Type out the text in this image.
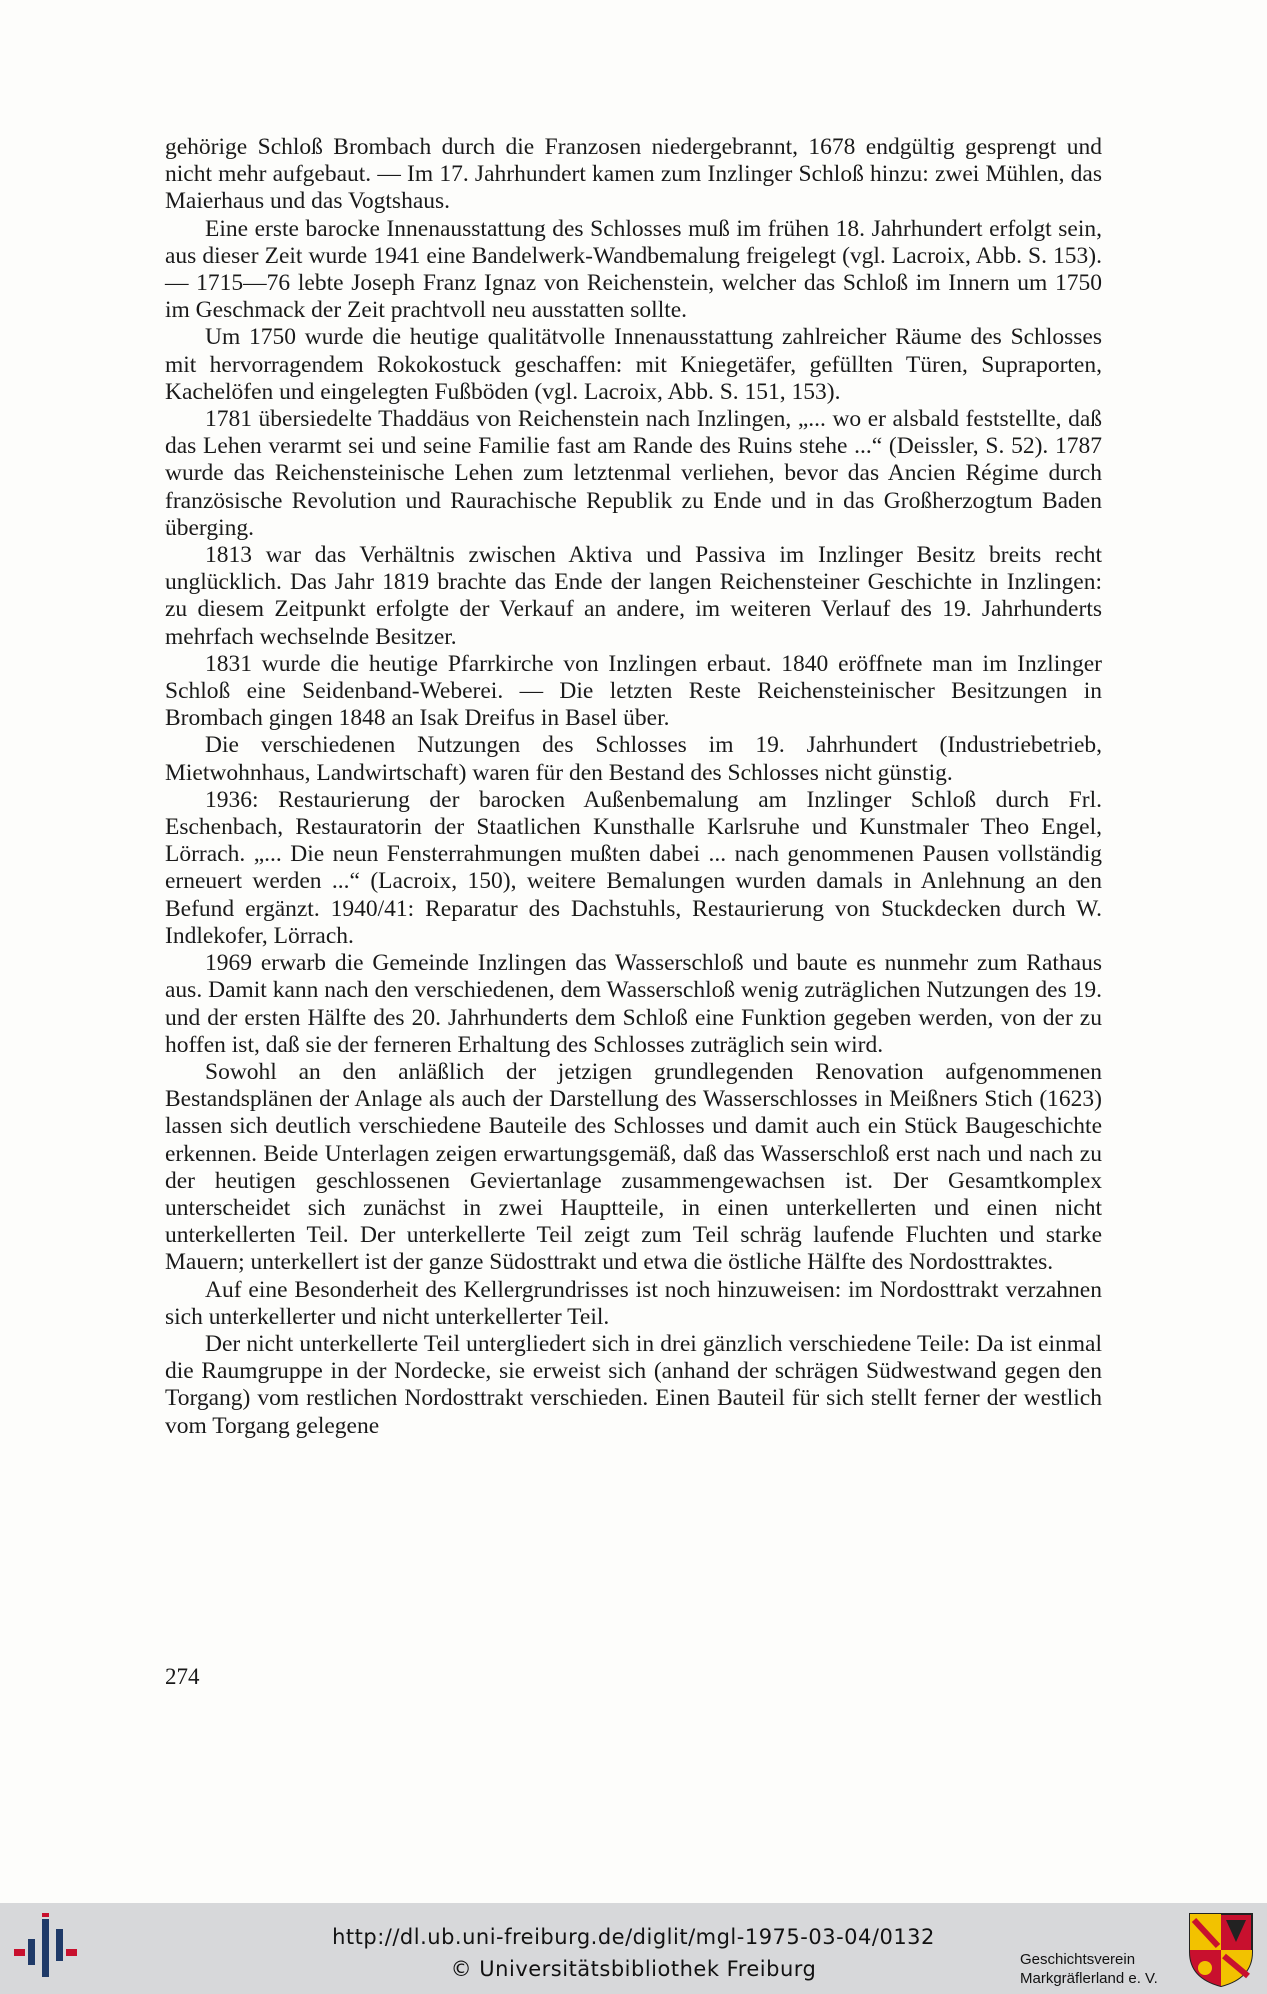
gehörige Schloß Brombach durch die Franzosen niedergebrannt, 1678 endgültig gesprengt und nicht mehr aufgebaut. — Im 17. Jahrhundert kamen zum Inzlinger Schloß hinzu: zwei Mühlen, das Maierhaus und das Vogtshaus.

Eine erste barocke Innenausstattung des Schlosses muß im frühen 18. Jahrhundert erfolgt sein, aus dieser Zeit wurde 1941 eine Bandelwerk-Wandbemalung freigelegt (vgl. Lacroix, Abb. S. 153). — 1715—76 lebte Joseph Franz Ignaz von Reichenstein, welcher das Schloß im Innern um 1750 im Geschmack der Zeit prachtvoll neu ausstatten sollte.

Um 1750 wurde die heutige qualitätvolle Innenausstattung zahlreicher Räume des Schlosses mit hervorragendem Rokokostuck geschaffen: mit Kniegetäfer, gefüllten Türen, Supraporten, Kachelöfen und eingelegten Fußböden (vgl. Lacroix, Abb. S. 151, 153).

1781 übersiedelte Thaddäus von Reichenstein nach Inzlingen, „... wo er alsbald feststellte, daß das Lehen verarmt sei und seine Familie fast am Rande des Ruins stehe ...“ (Deissler, S. 52). 1787 wurde das Reichensteinische Lehen zum letztenmal verliehen, bevor das Ancien Régime durch französische Revolution und Raurachische Republik zu Ende und in das Großherzogtum Baden überging.

1813 war das Verhältnis zwischen Aktiva und Passiva im Inzlinger Besitz breits recht unglücklich. Das Jahr 1819 brachte das Ende der langen Reichensteiner Geschichte in Inzlingen: zu diesem Zeitpunkt erfolgte der Verkauf an andere, im weiteren Verlauf des 19. Jahrhunderts mehrfach wechselnde Besitzer.

1831 wurde die heutige Pfarrkirche von Inzlingen erbaut. 1840 eröffnete man im Inzlinger Schloß eine Seidenband-Weberei. — Die letzten Reste Reichensteinischer Besitzungen in Brombach gingen 1848 an Isak Dreifus in Basel über.

Die verschiedenen Nutzungen des Schlosses im 19. Jahrhundert (Industriebetrieb, Mietwohnhaus, Landwirtschaft) waren für den Bestand des Schlosses nicht günstig.

1936: Restaurierung der barocken Außenbemalung am Inzlinger Schloß durch Frl. Eschenbach, Restauratorin der Staatlichen Kunsthalle Karlsruhe und Kunstmaler Theo Engel, Lörrach. „... Die neun Fensterrahmungen mußten dabei ... nach genommenen Pausen vollständig erneuert werden ...“ (Lacroix, 150), weitere Bemalungen wurden damals in Anlehnung an den Befund ergänzt. 1940/41: Reparatur des Dachstuhls, Restaurierung von Stuckdecken durch W. Indlekofer, Lörrach.

1969 erwarb die Gemeinde Inzlingen das Wasserschloß und baute es nunmehr zum Rathaus aus. Damit kann nach den verschiedenen, dem Wasserschloß wenig zuträglichen Nutzungen des 19. und der ersten Hälfte des 20. Jahrhunderts dem Schloß eine Funktion gegeben werden, von der zu hoffen ist, daß sie der ferneren Erhaltung des Schlosses zuträglich sein wird.

Sowohl an den anläßlich der jetzigen grundlegenden Renovation aufgenommenen Bestandsplänen der Anlage als auch der Darstellung des Wasserschlosses in Meißners Stich (1623) lassen sich deutlich verschiedene Bauteile des Schlosses und damit auch ein Stück Baugeschichte erkennen. Beide Unterlagen zeigen erwartungsgemäß, daß das Wasserschloß erst nach und nach zu der heutigen geschlossenen Geviertanlage zusammengewachsen ist. Der Gesamtkomplex unterscheidet sich zunächst in zwei Hauptteile, in einen unterkellerten und einen nicht unterkellerten Teil. Der unterkellerte Teil zeigt zum Teil schräg laufende Fluchten und starke Mauern; unterkellert ist der ganze Südosttrakt und etwa die östliche Hälfte des Nordosttraktes.

Auf eine Besonderheit des Kellergrundrisses ist noch hinzuweisen: im Nordosttrakt verzahnen sich unterkellerter und nicht unterkellerter Teil.

Der nicht unterkellerte Teil untergliedert sich in drei gänzlich verschiedene Teile: Da ist einmal die Raumgruppe in der Nordecke, sie erweist sich (anhand der schrägen Südwestwand gegen den Torgang) vom restlichen Nordosttrakt verschieden. Einen Bauteil für sich stellt ferner der westlich vom Torgang gelegene

274
http://dl.ub.uni-freiburg.de/diglit/mgl-1975-03-04/0132
© Universitätsbibliothek Freiburg	Geschichtsverein
Markgräflerland e. V.
